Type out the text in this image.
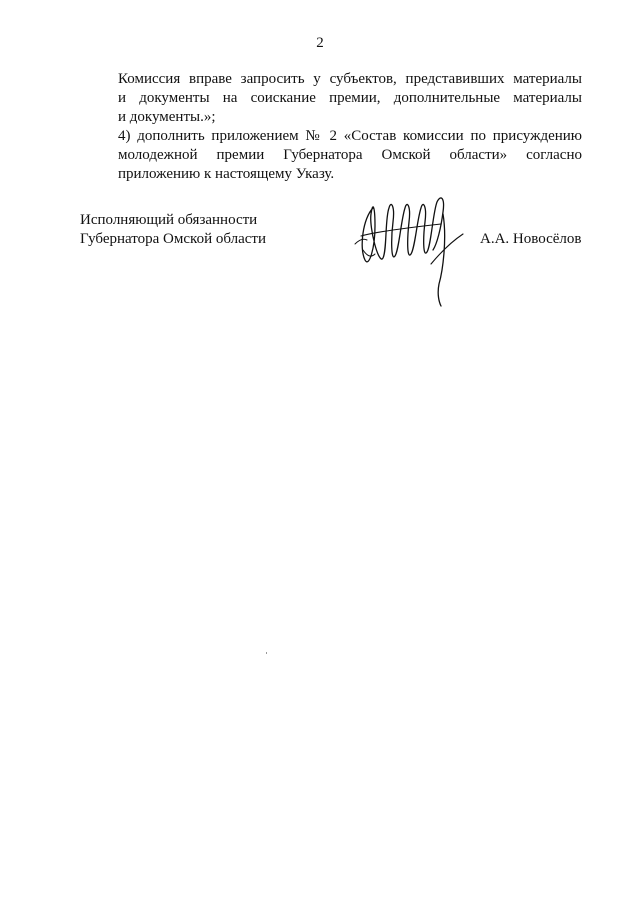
2

Комиссия вправе запросить у субъектов, представивших материалы
и документы на соискание премии, дополнительные материалы
и документы.»;

4) дополнить приложением № 2 «Состав комиссии по присуждению
молодежной премии Губернатора Омской области» согласно
приложению к настоящему Указу.

Исполняющий обязанности
Губернатора Омской области	А.А. Новосёлов
